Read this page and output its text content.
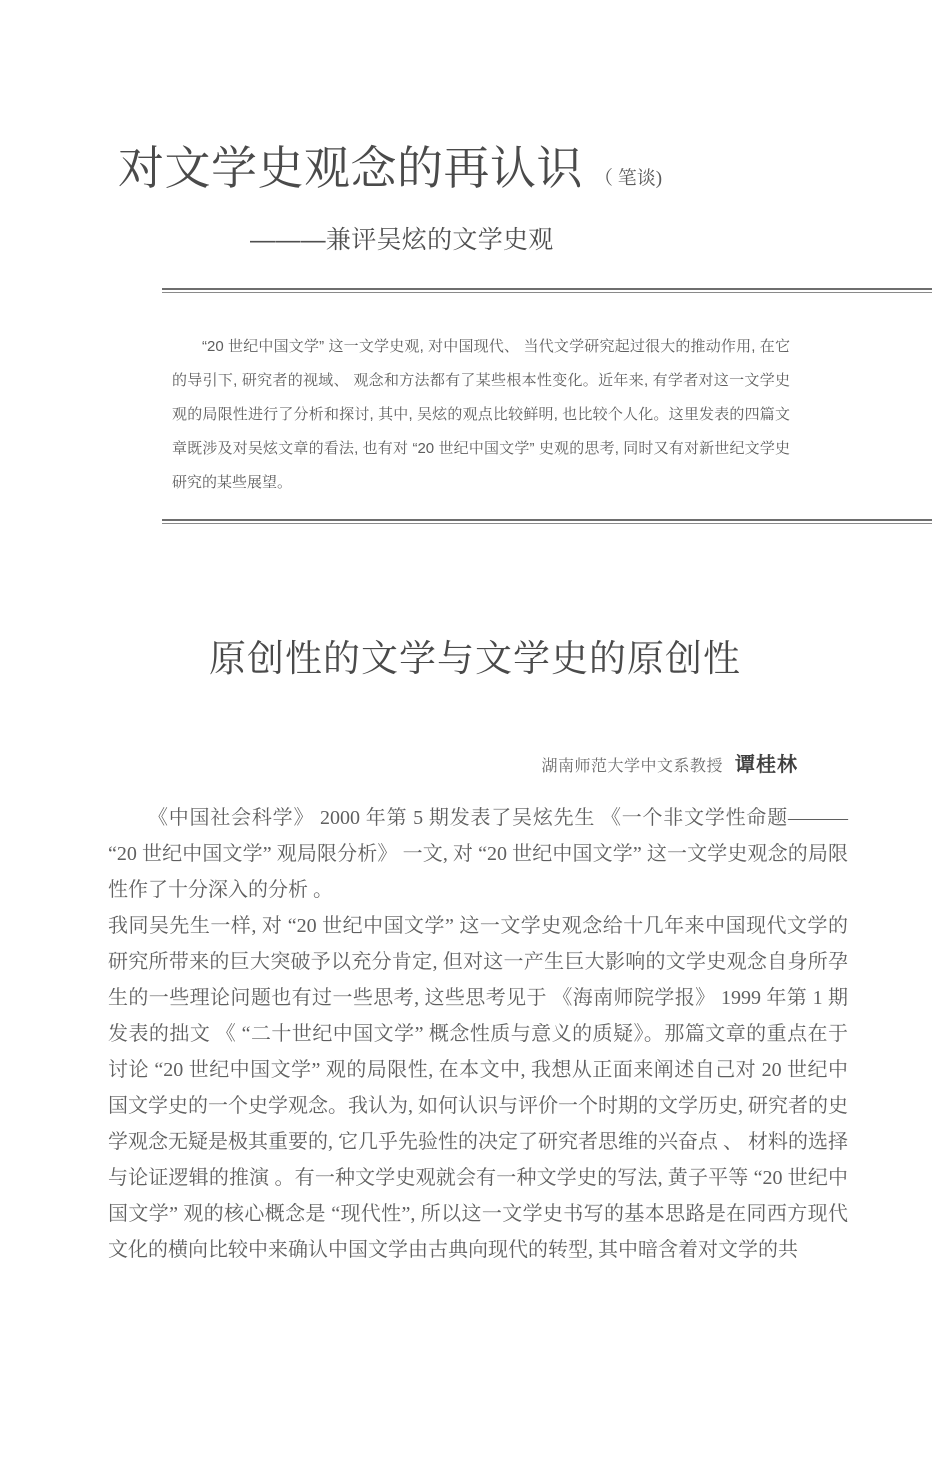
对文学史观念的再认识 （ 笔谈)
———兼评吴炫的文学史观
“20 世纪中国文学” 这一文学史观, 对中国现代、 当代文学研究起过很大的推动作用, 在它的导引下, 研究者的视域、 观念和方法都有了某些根本性变化。近年来, 有学者对这一文学史观的局限性进行了分析和探讨, 其中, 吴炫的观点比较鲜明, 也比较个人化。这里发表的四篇文章既涉及对吴炫文章的看法, 也有对 “20 世纪中国文学” 史观的思考, 同时又有对新世纪文学史研究的某些展望。
原创性的文学与文学史的原创性
湖南师范大学中文系教授 谭桂林

《中国社会科学》 2000 年第 5 期发表了吴炫先生 《一个非文学性命题——— “20 世纪中国文学” 观局限分析》 一文, 对 “20 世纪中国文学” 这一文学史观念的局限性作了十分深入的分析 。

我同吴先生一样, 对 “20 世纪中国文学” 这一文学史观念给十几年来中国现代文学的研究所带来的巨大突破予以充分肯定, 但对这一产生巨大影响的文学史观念自身所孕生的一些理论问题也有过一些思考, 这些思考见于 《海南师院学报》 1999 年第 1 期发表的拙文 《 “二十世纪中国文学” 概念性质与意义的质疑》。那篇文章的重点在于讨论 “20 世纪中国文学” 观的局限性, 在本文中, 我想从正面来阐述自己对 20 世纪中国文学史的一个史学观念。我认为, 如何认识与评价一个时期的文学历史, 研究者的史学观念无疑是极其重要的, 它几乎先验性的决定了研究者思维的兴奋点 、 材料的选择与论证逻辑的推演 。有一种文学史观就会有一种文学史的写法, 黄子平等 “20 世纪中国文学” 观的核心概念是 “现代性”, 所以这一文学史书写的基本思路是在同西方现代文化的横向比较中来确认中国文学由古典向现代的转型, 其中暗含着对文学的共
